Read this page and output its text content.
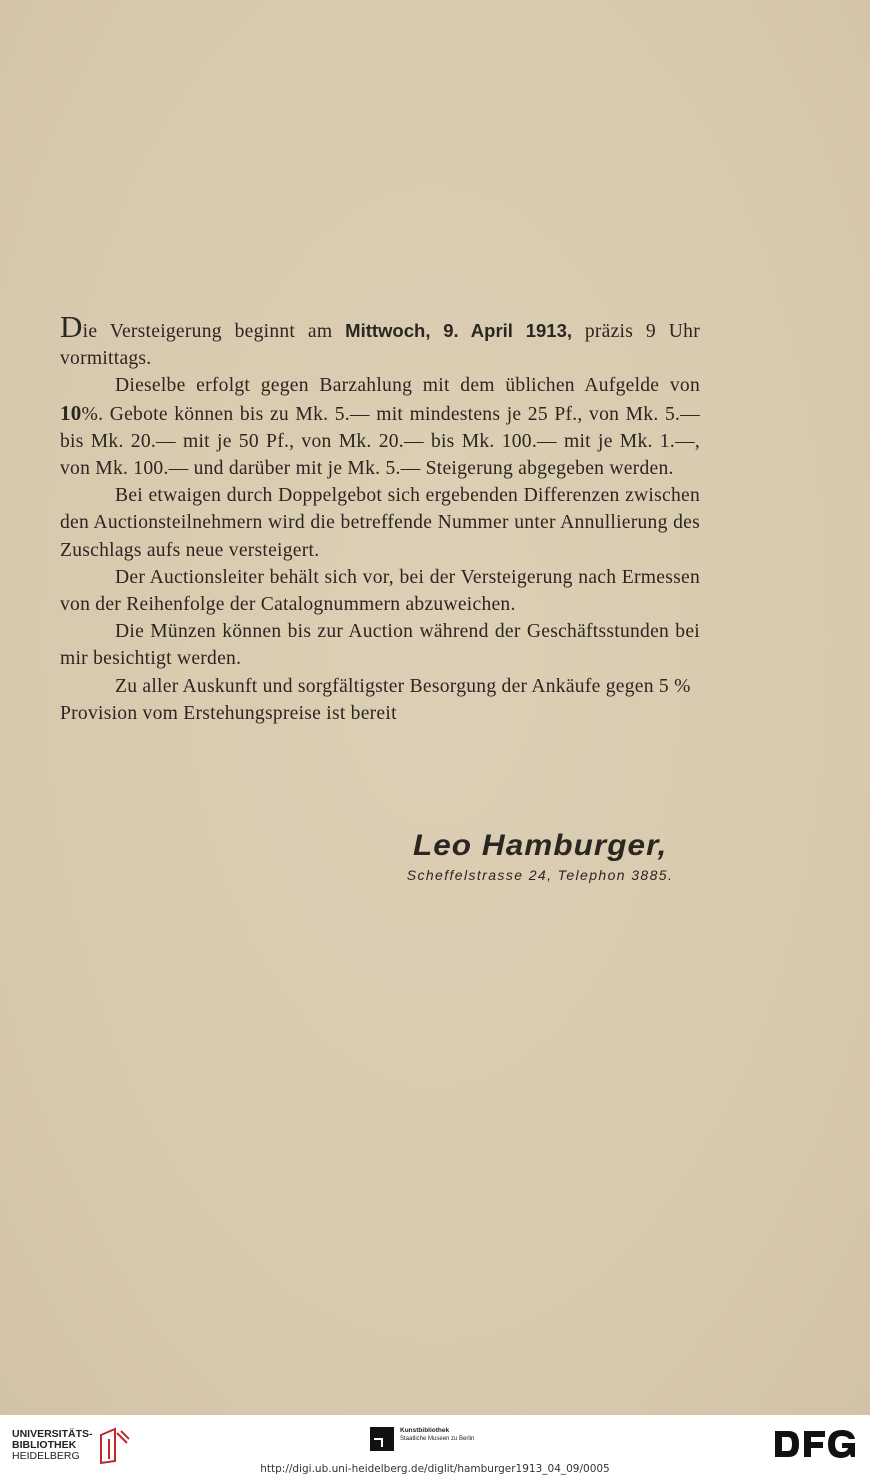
Die Versteigerung beginnt am Mittwoch, 9. April 1913, präzis 9 Uhr vormittags.

Dieselbe erfolgt gegen Barzahlung mit dem üblichen Aufgelde von 10%. Gebote können bis zu Mk. 5.— mit mindestens je 25 Pf., von Mk. 5.— bis Mk. 20.— mit je 50 Pf., von Mk. 20.— bis Mk. 100.— mit je Mk. 1.—, von Mk. 100.— und darüber mit je Mk. 5.— Steigerung abgegeben werden.

Bei etwaigen durch Doppelgebot sich ergebenden Differenzen zwischen den Auctionsteilnehmern wird die betreffende Nummer unter Annullierung des Zuschlags aufs neue versteigert.

Der Auctionsleiter behält sich vor, bei der Versteigerung nach Ermessen von der Reihenfolge der Catalognummern abzuweichen.

Die Münzen können bis zur Auction während der Geschäftsstunden bei mir besichtigt werden.

Zu aller Auskunft und sorgfältigster Besorgung der Ankäufe gegen 5 % Provision vom Erstehungspreise ist bereit

Leo Hamburger,
Scheffelstrasse 24, Telephon 3885.
UNIVERSITÄTS-
BIBLIOTHEK
HEIDELBERG
Kunstbibliothek
Staatliche Museen zu Berlin
http://digi.ub.uni-heidelberg.de/diglit/hamburger1913_04_09/0005
